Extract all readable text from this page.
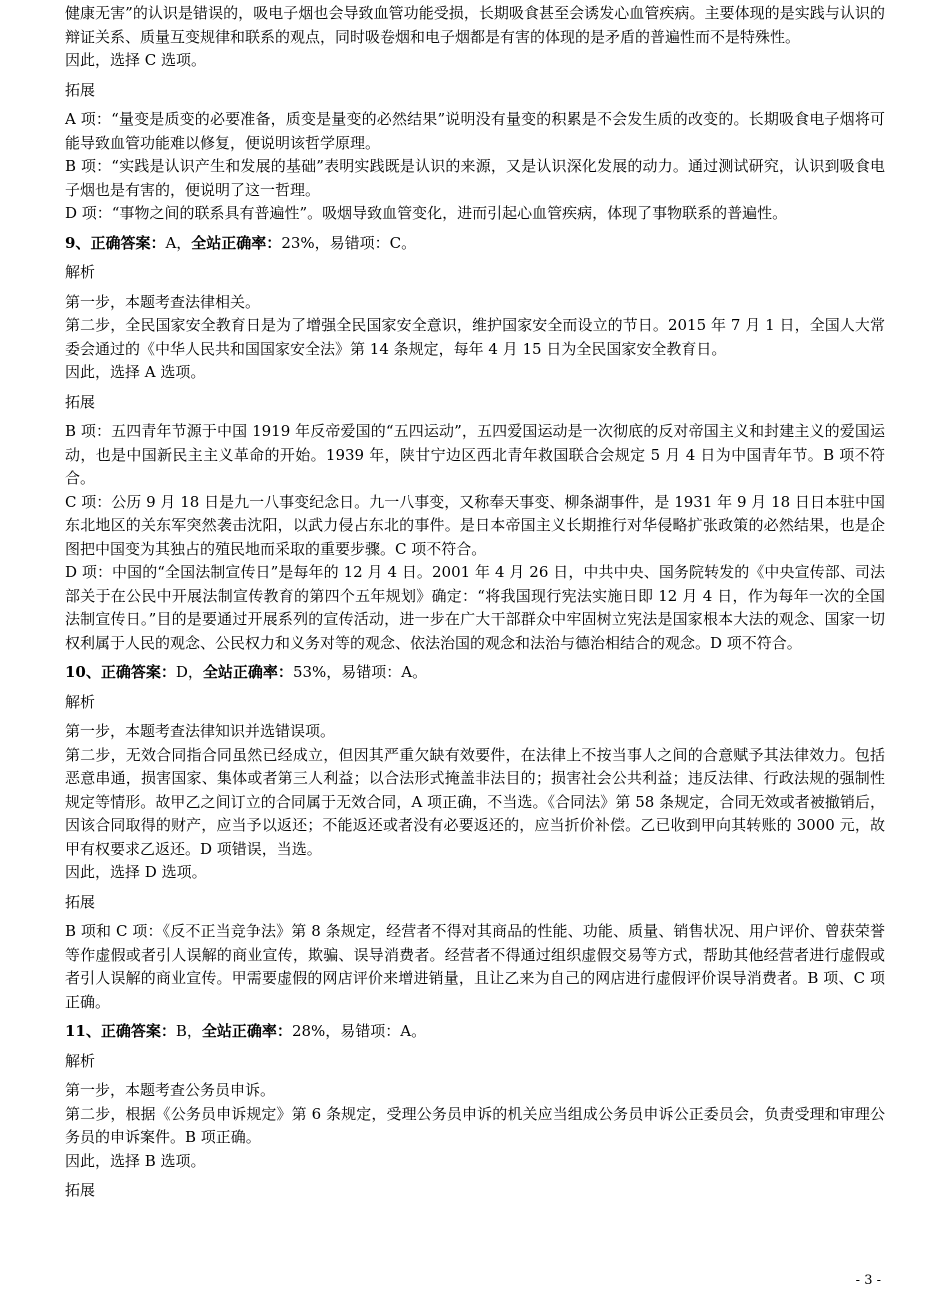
健康无害”的认识是错误的，吸电子烟也会导致血管功能受损，长期吸食甚至会诱发心血管疾病。主要体现的是实践与认识的辩证关系、质量互变规律和联系的观点，同时吸卷烟和电子烟都是有害的体现的是矛盾的普遍性而不是特殊性。

因此，选择 C 选项。

拓展

A 项：“量变是质变的必要准备，质变是量变的必然结果”说明没有量变的积累是不会发生质的改变的。长期吸食电子烟将可能导致血管功能难以修复，便说明该哲学原理。

B 项：“实践是认识产生和发展的基础”表明实践既是认识的来源，又是认识深化发展的动力。通过测试研究，认识到吸食电子烟也是有害的，便说明了这一哲理。

D 项：“事物之间的联系具有普遍性”。吸烟导致血管变化，进而引起心血管疾病，体现了事物联系的普遍性。

9、正确答案：A，全站正确率：23%，易错项：C。

解析

第一步，本题考查法律相关。

第二步，全民国家安全教育日是为了增强全民国家安全意识，维护国家安全而设立的节日。2015 年 7 月 1 日，全国人大常委会通过的《中华人民共和国国家安全法》第 14 条规定，每年 4 月 15 日为全民国家安全教育日。

因此，选择 A 选项。

拓展

B 项：五四青年节源于中国 1919 年反帝爱国的“五四运动”，五四爱国运动是一次彻底的反对帝国主义和封建主义的爱国运动，也是中国新民主主义革命的开始。1939 年，陕甘宁边区西北青年救国联合会规定 5 月 4 日为中国青年节。B 项不符合。

C 项：公历 9 月 18 日是九一八事变纪念日。九一八事变，又称奉天事变、柳条湖事件，是 1931 年 9 月 18 日日本驻中国东北地区的关东军突然袭击沈阳，以武力侵占东北的事件。是日本帝国主义长期推行对华侵略扩张政策的必然结果，也是企图把中国变为其独占的殖民地而采取的重要步骤。C 项不符合。

D 项：中国的“全国法制宣传日”是每年的 12 月 4 日。2001 年 4 月 26 日，中共中央、国务院转发的《中央宣传部、司法部关于在公民中开展法制宣传教育的第四个五年规划》确定：“将我国现行宪法实施日即 12 月 4 日，作为每年一次的全国法制宣传日。”目的是要通过开展系列的宣传活动，进一步在广大干部群众中牢固树立宪法是国家根本大法的观念、国家一切权利属于人民的观念、公民权力和义务对等的观念、依法治国的观念和法治与德治相结合的观念。D 项不符合。

10、正确答案：D，全站正确率：53%，易错项：A。

解析

第一步，本题考查法律知识并选错误项。

第二步，无效合同指合同虽然已经成立，但因其严重欠缺有效要件，在法律上不按当事人之间的合意赋予其法律效力。包括恶意串通，损害国家、集体或者第三人利益；以合法形式掩盖非法目的；损害社会公共利益；违反法律、行政法规的强制性规定等情形。故甲乙之间订立的合同属于无效合同，A 项正确，不当选。《合同法》第 58 条规定，合同无效或者被撤销后，因该合同取得的财产，应当予以返还；不能返还或者没有必要返还的，应当折价补偿。乙已收到甲向其转账的 3000 元，故甲有权要求乙返还。D 项错误，当选。

因此，选择 D 选项。

拓展

B 项和 C 项：《反不正当竞争法》第 8 条规定，经营者不得对其商品的性能、功能、质量、销售状况、用户评价、曾获荣誉等作虚假或者引人误解的商业宣传，欺骗、误导消费者。经营者不得通过组织虚假交易等方式，帮助其他经营者进行虚假或者引人误解的商业宣传。甲需要虚假的网店评价来增进销量，且让乙来为自己的网店进行虚假评价误导消费者。B 项、C 项正确。

11、正确答案：B，全站正确率：28%，易错项：A。

解析

第一步，本题考查公务员申诉。

第二步，根据《公务员申诉规定》第 6 条规定，受理公务员申诉的机关应当组成公务员申诉公正委员会，负责受理和审理公务员的申诉案件。B 项正确。

因此，选择 B 选项。

拓展

- 3 -
